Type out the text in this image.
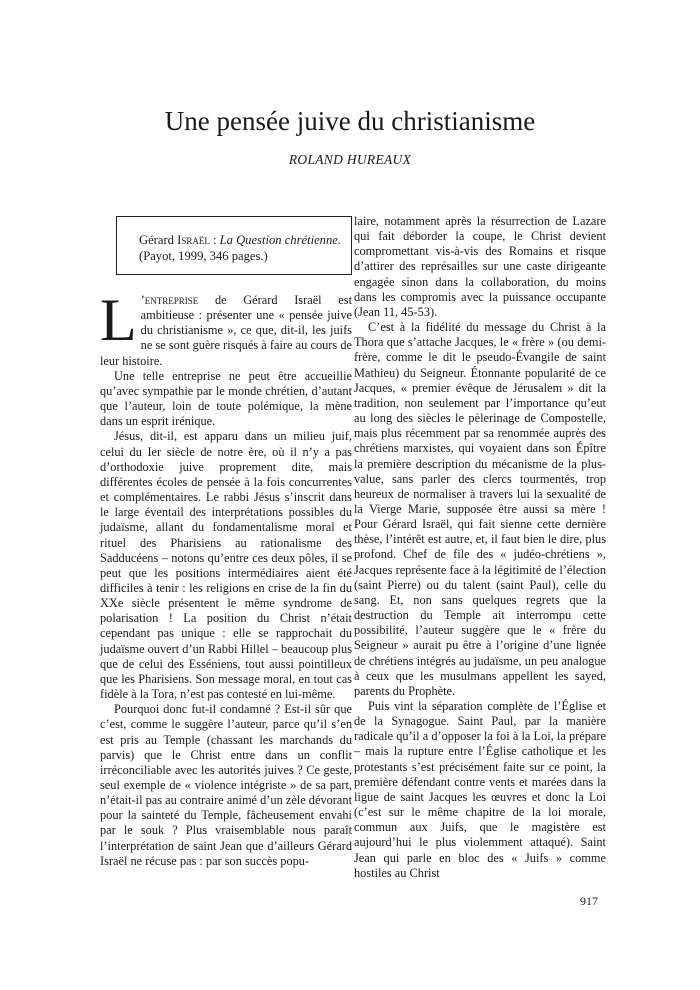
Une pensée juive du christianisme
ROLAND HUREAUX
Gérard Israël : La Question chrétienne.
(Payot, 1999, 346 pages.)

L ’entreprise de Gérard Israël est ambitieuse : présenter une « pensée juive du christianisme », ce que, dit-il, les juifs ne se sont guère risqués à faire au cours de leur histoire.

Une telle entreprise ne peut être accueillie qu’avec sympathie par le monde chrétien, d’autant que l’auteur, loin de toute polémique, la mène dans un esprit irénique.

Jésus, dit-il, est apparu dans un milieu juif, celui du Ier siècle de notre ère, où il n’y a pas d’orthodoxie juive proprement dite, mais différentes écoles de pensée à la fois concurrentes et complémentaires. Le rabbi Jésus s’inscrit dans le large éventail des interprétations possibles du judaïsme, allant du fondamentalisme moral et rituel des Pharisiens au rationalisme des Sadducéens – notons qu’entre ces deux pôles, il se peut que les positions intermédiaires aient été difficiles à tenir : les religions en crise de la fin du XXe siècle présentent le même syndrome de polarisation ! La position du Christ n’était cependant pas unique : elle se rapprochait du judaïsme ouvert d’un Rabbi Hillel – beaucoup plus que de celui des Esséniens, tout aussi pointilleux que les Pharisiens. Son message moral, en tout cas fidèle à la Tora, n’est pas contesté en lui-même.

Pourquoi donc fut-il condamné ? Est-il sûr que c’est, comme le suggère l’auteur, parce qu’il s’en est pris au Temple (chassant les marchands du parvis) que le Christ entre dans un conflit irréconciliable avec les autorités juives ? Ce geste, seul exemple de « violence intégriste » de sa part, n’était-il pas au contraire animé d’un zèle dévorant pour la sainteté du Temple, fâcheusement envahi par le souk ? Plus vraisemblable nous paraît l’interprétation de saint Jean que d’ailleurs Gérard Israël ne récuse pas : par son succès popu-

laire, notamment après la résurrection de Lazare qui fait déborder la coupe, le Christ devient compromettant vis-à-vis des Romains et risque d’attirer des représailles sur une caste dirigeante engagée sinon dans la collaboration, du moins dans les compromis avec la puissance occupante (Jean 11, 45-53).

C’est à la fidélité du message du Christ à la Thora que s’attache Jacques, le « frère » (ou demi-frère, comme le dit le pseudo-Évangile de saint Mathieu) du Seigneur. Étonnante popularité de ce Jacques, « premier évêque de Jérusalem » dit la tradition, non seulement par l’importance qu’eut au long des siècles le pèlerinage de Compostelle, mais plus récemment par sa renommée auprès des chrétiens marxistes, qui voyaient dans son Épître la première description du mécanisme de la plus-value, sans parler des clercs tourmentés, trop heureux de normaliser à travers lui la sexualité de la Vierge Marie, supposée être aussi sa mère ! Pour Gérard Israël, qui fait sienne cette dernière thèse, l’intérêt est autre, et, il faut bien le dire, plus profond. Chef de file des « judéo-chrétiens », Jacques représente face à la légitimité de l’élection (saint Pierre) ou du talent (saint Paul), celle du sang. Et, non sans quelques regrets que la destruction du Temple ait interrompu cette possibilité, l’auteur suggère que le « frère du Seigneur » aurait pu être à l’origine d’une lignée de chrétiens intégrés au judaïsme, un peu analogue à ceux que les musulmans appellent les sayed, parents du Prophète.

Puis vint la séparation complète de l’Église et de la Synagogue. Saint Paul, par la manière radicale qu’il a d’opposer la foi à la Loi, la prépare – mais la rupture entre l’Église catholique et les protestants s’est précisément faite sur ce point, la première défendant contre vents et marées dans la ligue de saint Jacques les œuvres et donc la Loi (c’est sur le même chapitre de la loi morale, commun aux Juifs, que le magistère est aujourd’hui le plus violemment attaqué). Saint Jean qui parle en bloc des « Juifs » comme hostiles au Christ

917
